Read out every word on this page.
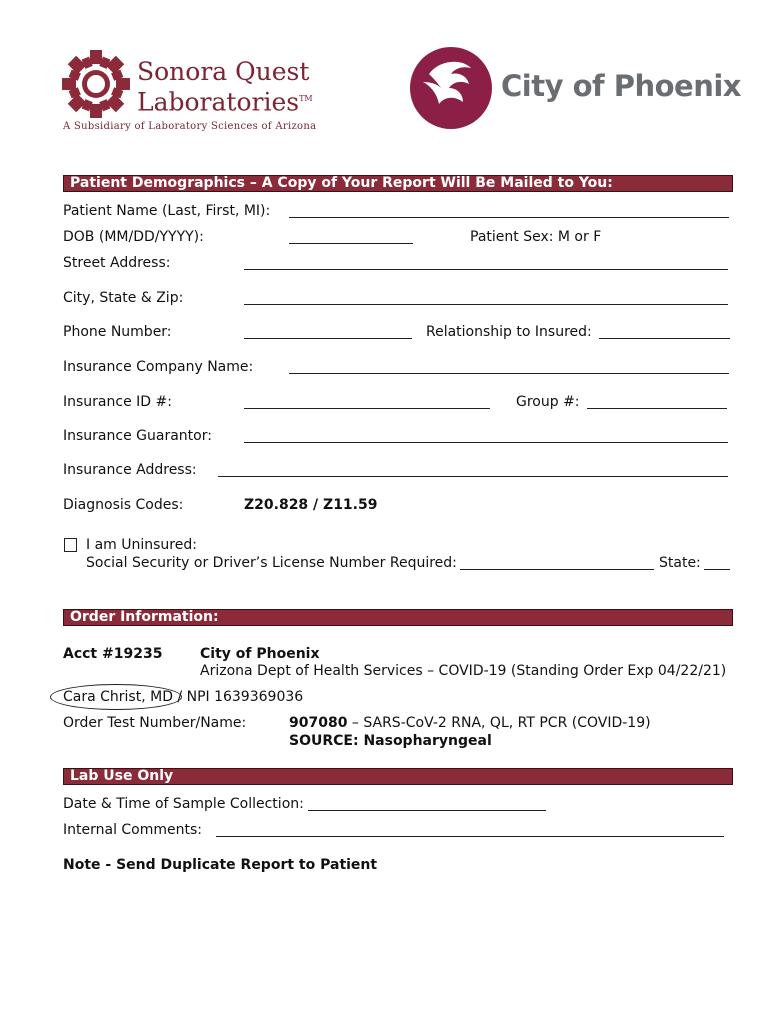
Sonora Quest
Laboratories™
A Subsidiary of Laboratory Sciences of Arizona
City of Phoenix
Patient Demographics – A Copy of Your Report Will Be Mailed to You:
Patient Name (Last, First, MI):
DOB (MM/DD/YYYY):	Patient Sex: M or F
Street Address:
City, State & Zip:
Phone Number:	Relationship to Insured:
Insurance Company Name:
Insurance ID #:	Group #:
Insurance Guarantor:
Insurance Address:
Diagnosis Codes:	Z20.828 / Z11.59
I am Uninsured:
Social Security or Driver’s License Number Required:	State:
Order Information:
Acct #19235	City of Phoenix
Arizona Dept of Health Services – COVID-19 (Standing Order Exp 04/22/21)
Cara Christ, MD / NPI 1639369036
Order Test Number/Name:	907080 – SARS-CoV-2 RNA, QL, RT PCR (COVID-19)
SOURCE: Nasopharyngeal
Lab Use Only
Date & Time of Sample Collection:
Internal Comments:
Note - Send Duplicate Report to Patient
